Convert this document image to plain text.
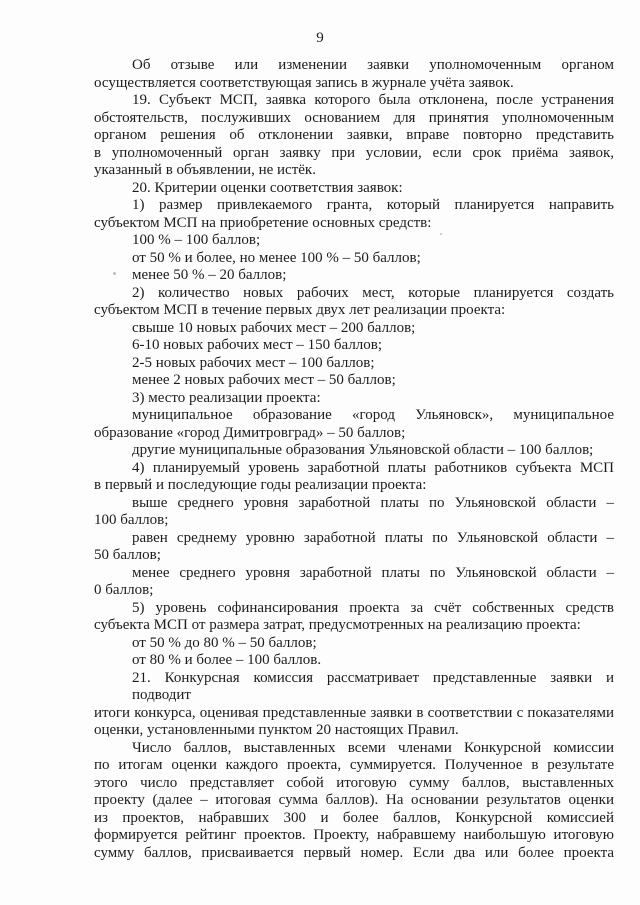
9

Об отзыве или изменении заявки уполномоченным органом

осуществляется соответствующая запись в журнале учёта заявок.

19. Субъект МСП, заявка которого была отклонена, после устранения

обстоятельств, послуживших основанием для принятия уполномоченным

органом решения об отклонении заявки, вправе повторно представить

в уполномоченный орган заявку при условии, если срок приёма заявок,

указанный в объявлении, не истёк.

20. Критерии оценки соответствия заявок:

1) размер привлекаемого гранта, который планируется направить

субъектом МСП на приобретение основных средств:

100 % – 100 баллов;

от 50 % и более, но менее 100 % – 50 баллов;

менее 50 % – 20 баллов;

2) количество новых рабочих мест, которые планируется создать

субъектом МСП в течение первых двух лет реализации проекта:

свыше 10 новых рабочих мест – 200 баллов;

6-10 новых рабочих мест – 150 баллов;

2-5 новых рабочих мест – 100 баллов;

менее 2 новых рабочих мест – 50 баллов;

3) место реализации проекта:

муниципальное образование «город Ульяновск», муниципальное

образование «город Димитровград» – 50 баллов;

другие муниципальные образования Ульяновской области – 100 баллов;

4) планируемый уровень заработной платы работников субъекта МСП

в первый и последующие годы реализации проекта:

выше среднего уровня заработной платы по Ульяновской области –

100 баллов;

равен среднему уровню заработной платы по Ульяновской области –

50 баллов;

менее среднего уровня заработной платы по Ульяновской области –

0 баллов;

5) уровень софинансирования проекта за счёт собственных средств

субъекта МСП от размера затрат, предусмотренных на реализацию проекта:

от 50 % до 80 % – 50 баллов;

от 80 % и более – 100 баллов.

21. Конкурсная комиссия рассматривает представленные заявки и подводит

итоги конкурса, оценивая представленные заявки в соответствии с показателями

оценки, установленными пунктом 20 настоящих Правил.

Число баллов, выставленных всеми членами Конкурсной комиссии

по итогам оценки каждого проекта, суммируется. Полученное в результате

этого число представляет собой итоговую сумму баллов, выставленных

проекту (далее – итоговая сумма баллов). На основании результатов оценки

из проектов, набравших 300 и более баллов, Конкурсной комиссией

формируется рейтинг проектов. Проекту, набравшему наибольшую итоговую

сумму баллов, присваивается первый номер. Если два или более проекта
